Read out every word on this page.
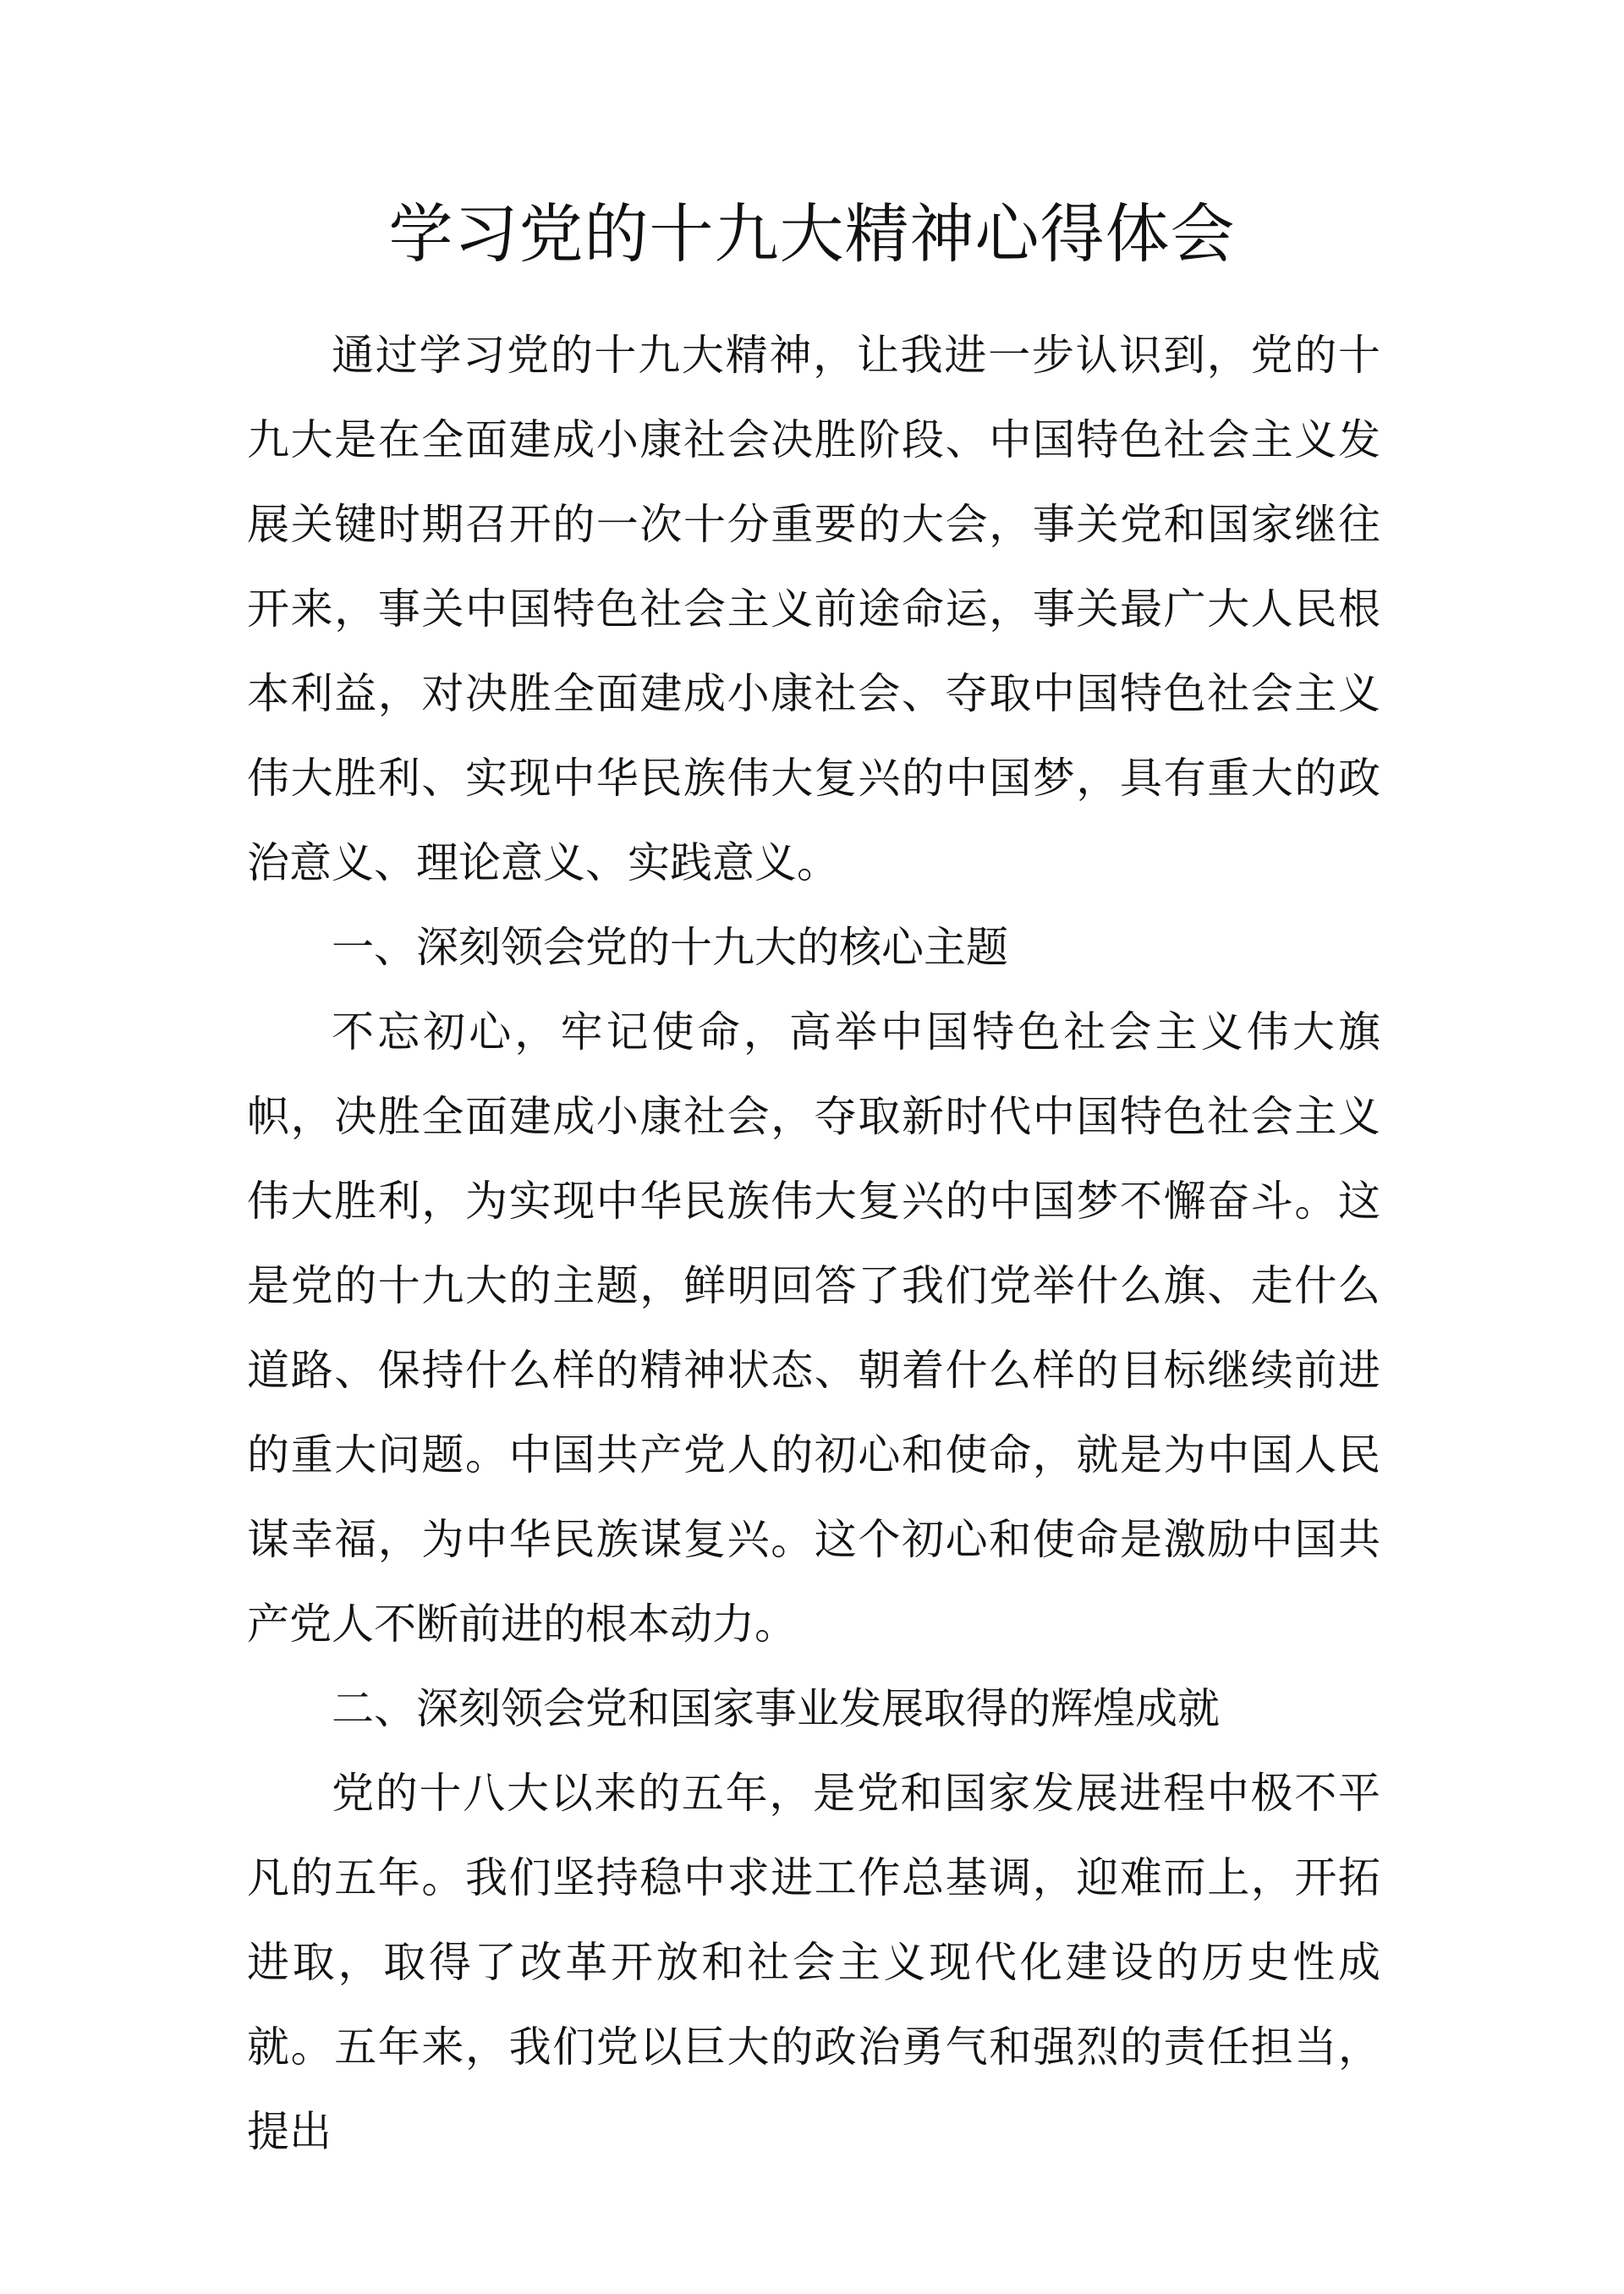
学习党的十九大精神心得体会

通过学习党的十九大精神，让我进一步认识到，党的十九大是在全面建成小康社会决胜阶段、中国特色社会主义发展关键时期召开的一次十分重要的大会，事关党和国家继往开来，事关中国特色社会主义前途命运，事关最广大人民根本利益，对决胜全面建成小康社会、夺取中国特色社会主义伟大胜利、实现中华民族伟大复兴的中国梦，具有重大的政治意义、理论意义、实践意义。

一、深刻领会党的十九大的核心主题

不忘初心，牢记使命，高举中国特色社会主义伟大旗帜，决胜全面建成小康社会，夺取新时代中国特色社会主义伟大胜利，为实现中华民族伟大复兴的中国梦不懈奋斗。这是党的十九大的主题，鲜明回答了我们党举什么旗、走什么道路、保持什么样的精神状态、朝着什么样的目标继续前进的重大问题。中国共产党人的初心和使命，就是为中国人民谋幸福，为中华民族谋复兴。这个初心和使命是激励中国共产党人不断前进的根本动力。

二、深刻领会党和国家事业发展取得的辉煌成就

党的十八大以来的五年，是党和国家发展进程中极不平凡的五年。我们坚持稳中求进工作总基调，迎难而上，开拓进取，取得了改革开放和社会主义现代化建设的历史性成就。五年来，我们党以巨大的政治勇气和强烈的责任担当，提出
